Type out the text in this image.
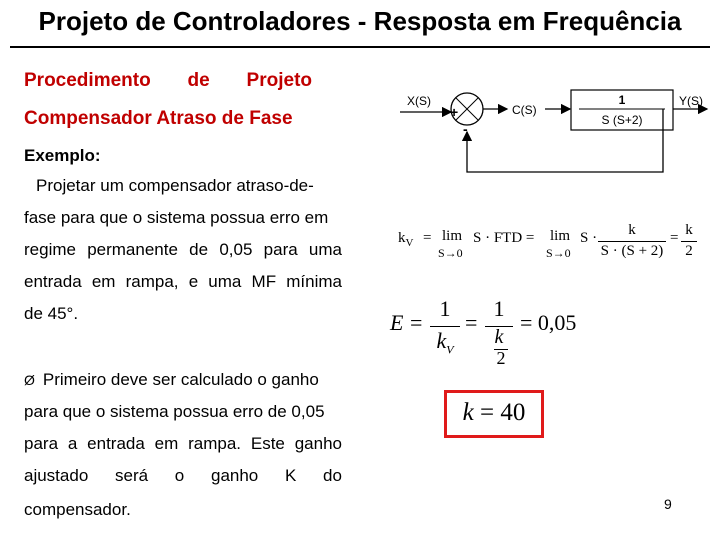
Projeto de Controladores - Resposta em Frequência
Procedimento de Projeto
Compensador Atraso de Fase
Exemplo:
Projetar um compensador atraso-de-
fase para que o sistema possua erro em
regime permanente de 0,05 para uma
entrada em rampa, e uma MF mínima
de 45°.
Ø Primeiro deve ser calculado o ganho
para que o sistema possua erro de 0,05
para a entrada em rampa. Este ganho
ajustado será o ganho K do
compensador.
X(S)
+
-
C(S)
1
S (S+2)
Y(S)
$k_V = \lim$
S→0
S · FTD = lim
S→0
S ·	k
S · (S + 2)
= k
2
E =
1
$k_V$
=
1
k
2
= 0,05
k = 40
9
